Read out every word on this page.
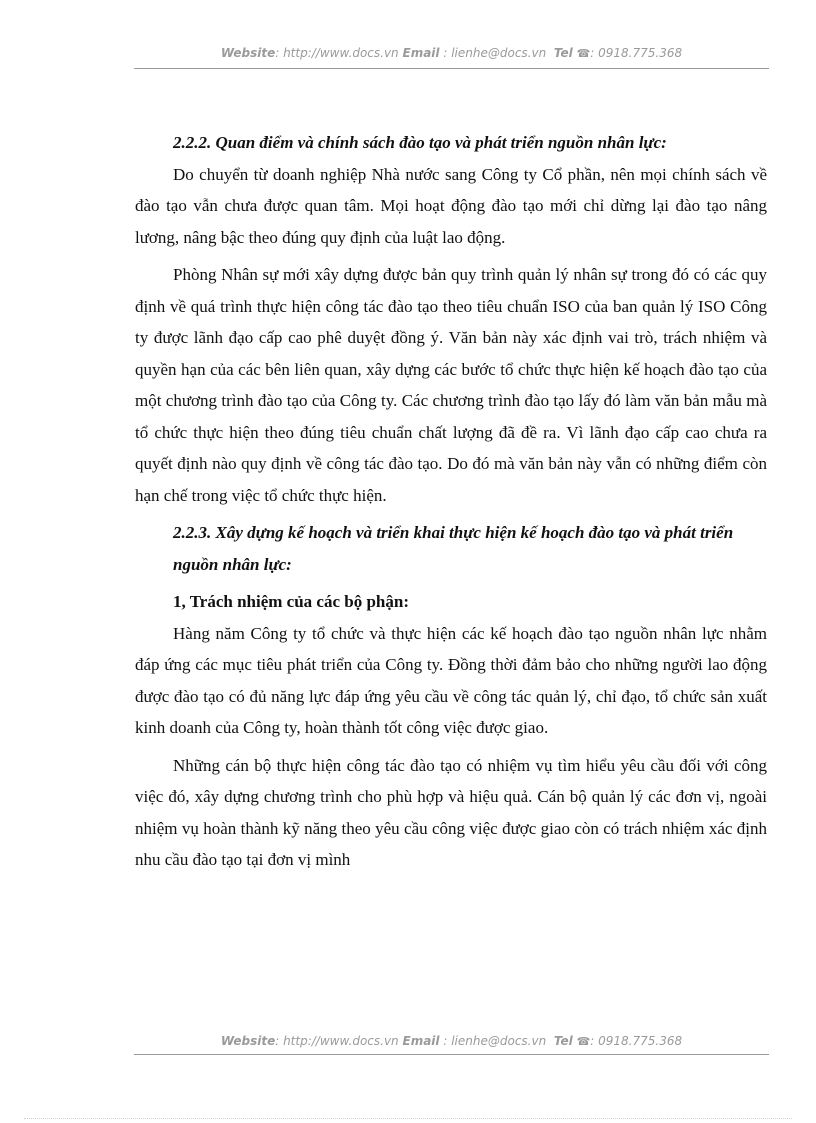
Website: http://www.docs.vn Email : lienhe@docs.vn Tel ☎: 0918.775.368
2.2.2. Quan điểm và chính sách đào tạo và phát triển nguồn nhân lực:

Do chuyển từ doanh nghiệp Nhà nước sang Công ty Cổ phần, nên mọi chính sách về đào tạo vẫn chưa được quan tâm. Mọi hoạt động đào tạo mới chỉ dừng lại đào tạo nâng lương, nâng bậc theo đúng quy định của luật lao động.

Phòng Nhân sự mới xây dựng được bản quy trình quản lý nhân sự trong đó có các quy định về quá trình thực hiện công tác đào tạo theo tiêu chuẩn ISO của ban quản lý ISO Công ty được lãnh đạo cấp cao phê duyệt đồng ý. Văn bản này xác định vai trò, trách nhiệm và quyền hạn của các bên liên quan, xây dựng các bước tổ chức thực hiện kế hoạch đào tạo của một chương trình đào tạo của Công ty. Các chương trình đào tạo lấy đó làm văn bản mẫu mà tổ chức thực hiện theo đúng tiêu chuẩn chất lượng đã đề ra. Vì lãnh đạo cấp cao chưa ra quyết định nào quy định về công tác đào tạo. Do đó mà văn bản này vẫn có những điểm còn hạn chế trong việc tổ chức thực hiện.

2.2.3. Xây dựng kế hoạch và triển khai thực hiện kế hoạch đào tạo và phát triển nguồn nhân lực:
1, Trách nhiệm của các bộ phận:

Hàng năm Công ty tổ chức và thực hiện các kế hoạch đào tạo nguồn nhân lực nhằm đáp ứng các mục tiêu phát triển của Công ty. Đồng thời đảm bảo cho những người lao động được đào tạo có đủ năng lực đáp ứng yêu cầu về công tác quản lý, chỉ đạo, tổ chức sản xuất kinh doanh của Công ty, hoàn thành tốt công việc được giao.

Những cán bộ thực hiện công tác đào tạo có nhiệm vụ tìm hiểu yêu cầu đối với công việc đó, xây dựng chương trình cho phù hợp và hiệu quả. Cán bộ quản lý các đơn vị, ngoài nhiệm vụ hoàn thành kỹ năng theo yêu cầu công việc được giao còn có trách nhiệm xác định nhu cầu đào tạo tại đơn vị mình

Website: http://www.docs.vn Email : lienhe@docs.vn Tel ☎: 0918.775.368
